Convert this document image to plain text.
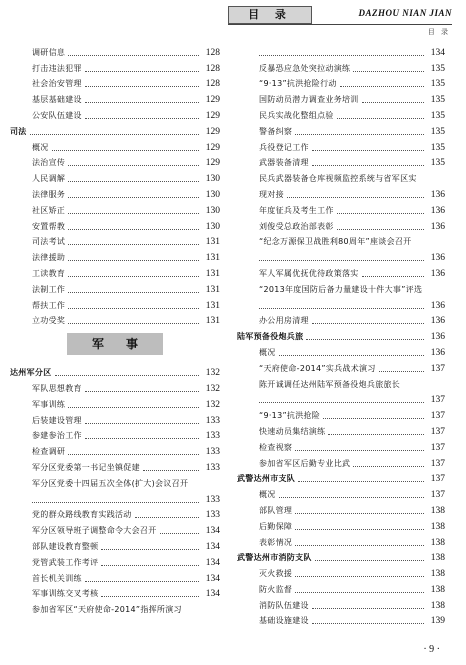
目 录	DAZHOU NIAN JIAN
目 录
调研信息	128
打击违法犯罪	128
社会治安管理	128
基层基础建设	129
公安队伍建设	129
司法	129
概况	129
法治宣传	129
人民调解	130
法律服务	130
社区矫正	130
安置帮教	130
司法考试	131
法律援助	131
工读教育	131
法制工作	131
帮扶工作	131
立功受奖	131
军事
达州军分区	132
军队思想教育	132
军事训练	132
后装建设管理	133
参建参治工作	133
检查调研	133
军分区党委第一书记坐镇促建	133
军分区党委十四届五次全体(扩大)会议召开
133
党的群众路线教育实践活动	133
军分区领导班子调整命令大会召开	134
部队建设教育整顿	134
党管武装工作考评	134
首长机关训练	134
军事训练交叉考核	134
参加省军区“天府使命-2014”指挥所演习
134
反暴恐应急处突拉动演练	135
“9·13”抗洪抢险行动	135
国防动员潜力调查业务培训	135
民兵实战化整组点验	135
警备纠察	135
兵役登记工作	135
武器装备清理	135
民兵武器装备仓库视频监控系统与省军区实
现对接	136
年度征兵及考生工作	136
刘俊受总政治部表彰	136
“纪念万源保卫战胜利80周年”座谈会召开
136
军人军属优抚优待政策落实	136
“2013年度国防后备力量建设十件大事”评选
136
办公用房清理	136
陆军预备役炮兵旅	136
概况	136
“天府使命-2014”实兵战术演习	137
陈开诚调任达州陆军预备役炮兵旅旅长
137
“9·13”抗洪抢险	137
快速动员集结演练	137
检查视察	137
参加省军区后勤专业比武	137
武警达州市支队	137
概况	137
部队管理	138
后勤保障	138
表彰情况	138
武警达州市消防支队	138
灭火救援	138
防火监督	138
消防队伍建设	138
基础设施建设	139
· 9 ·
